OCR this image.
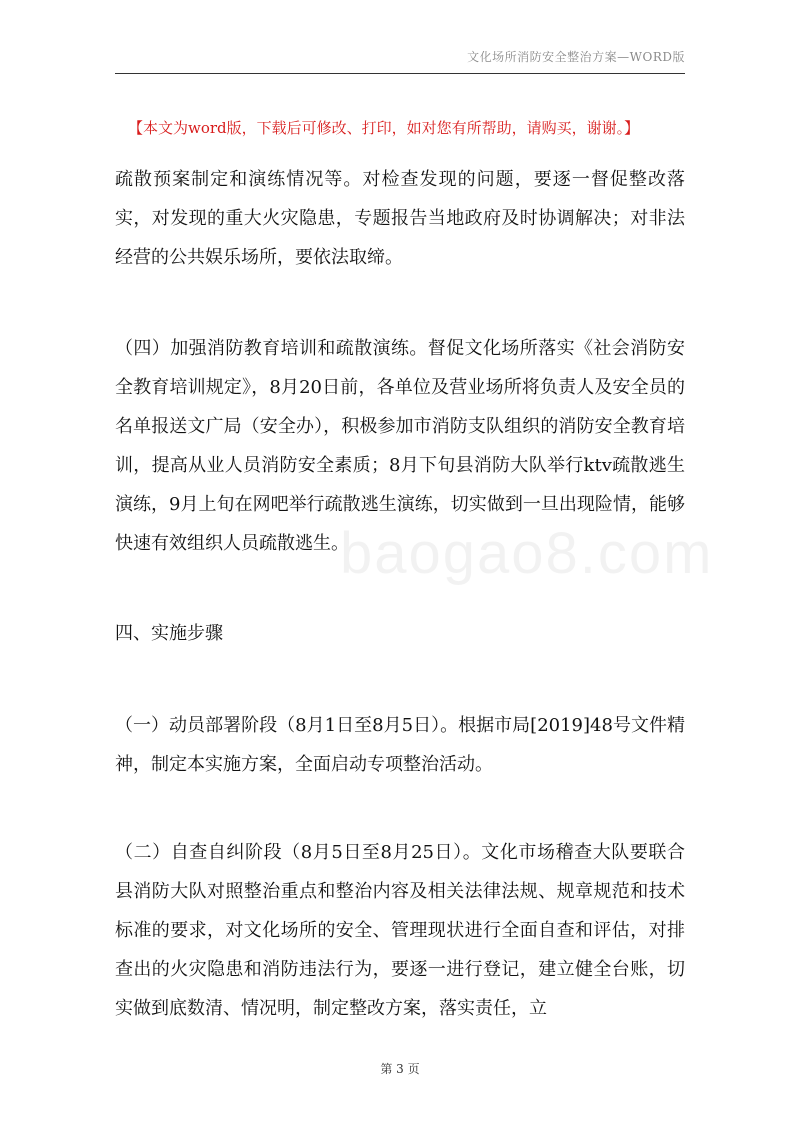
文化场所消防安全整治方案—WORD版
【本文为word版，下载后可修改、打印，如对您有所帮助，请购买，谢谢。】

疏散预案制定和演练情况等。对检查发现的问题，要逐一督促整改落实，对发现的重大火灾隐患，专题报告当地政府及时协调解决；对非法经营的公共娱乐场所，要依法取缔。

（四）加强消防教育培训和疏散演练。督促文化场所落实《社会消防安全教育培训规定》，8月20日前，各单位及营业场所将负责人及安全员的名单报送文广局（安全办），积极参加市消防支队组织的消防安全教育培训，提高从业人员消防安全素质；8月下旬县消防大队举行ktv疏散逃生演练，9月上旬在网吧举行疏散逃生演练，切实做到一旦出现险情，能够快速有效组织人员疏散逃生。

四、实施步骤

（一）动员部署阶段（8月1日至8月5日）。根据市局[2019]48号文件精神，制定本实施方案，全面启动专项整治活动。

（二）自查自纠阶段（8月5日至8月25日）。文化市场稽查大队要联合县消防大队对照整治重点和整治内容及相关法律法规、规章规范和技术标准的要求，对文化场所的安全、管理现状进行全面自查和评估，对排查出的火灾隐患和消防违法行为，要逐一进行登记，建立健全台账，切实做到底数清、情况明，制定整改方案，落实责任，立

baogao8.com
第 3 页
